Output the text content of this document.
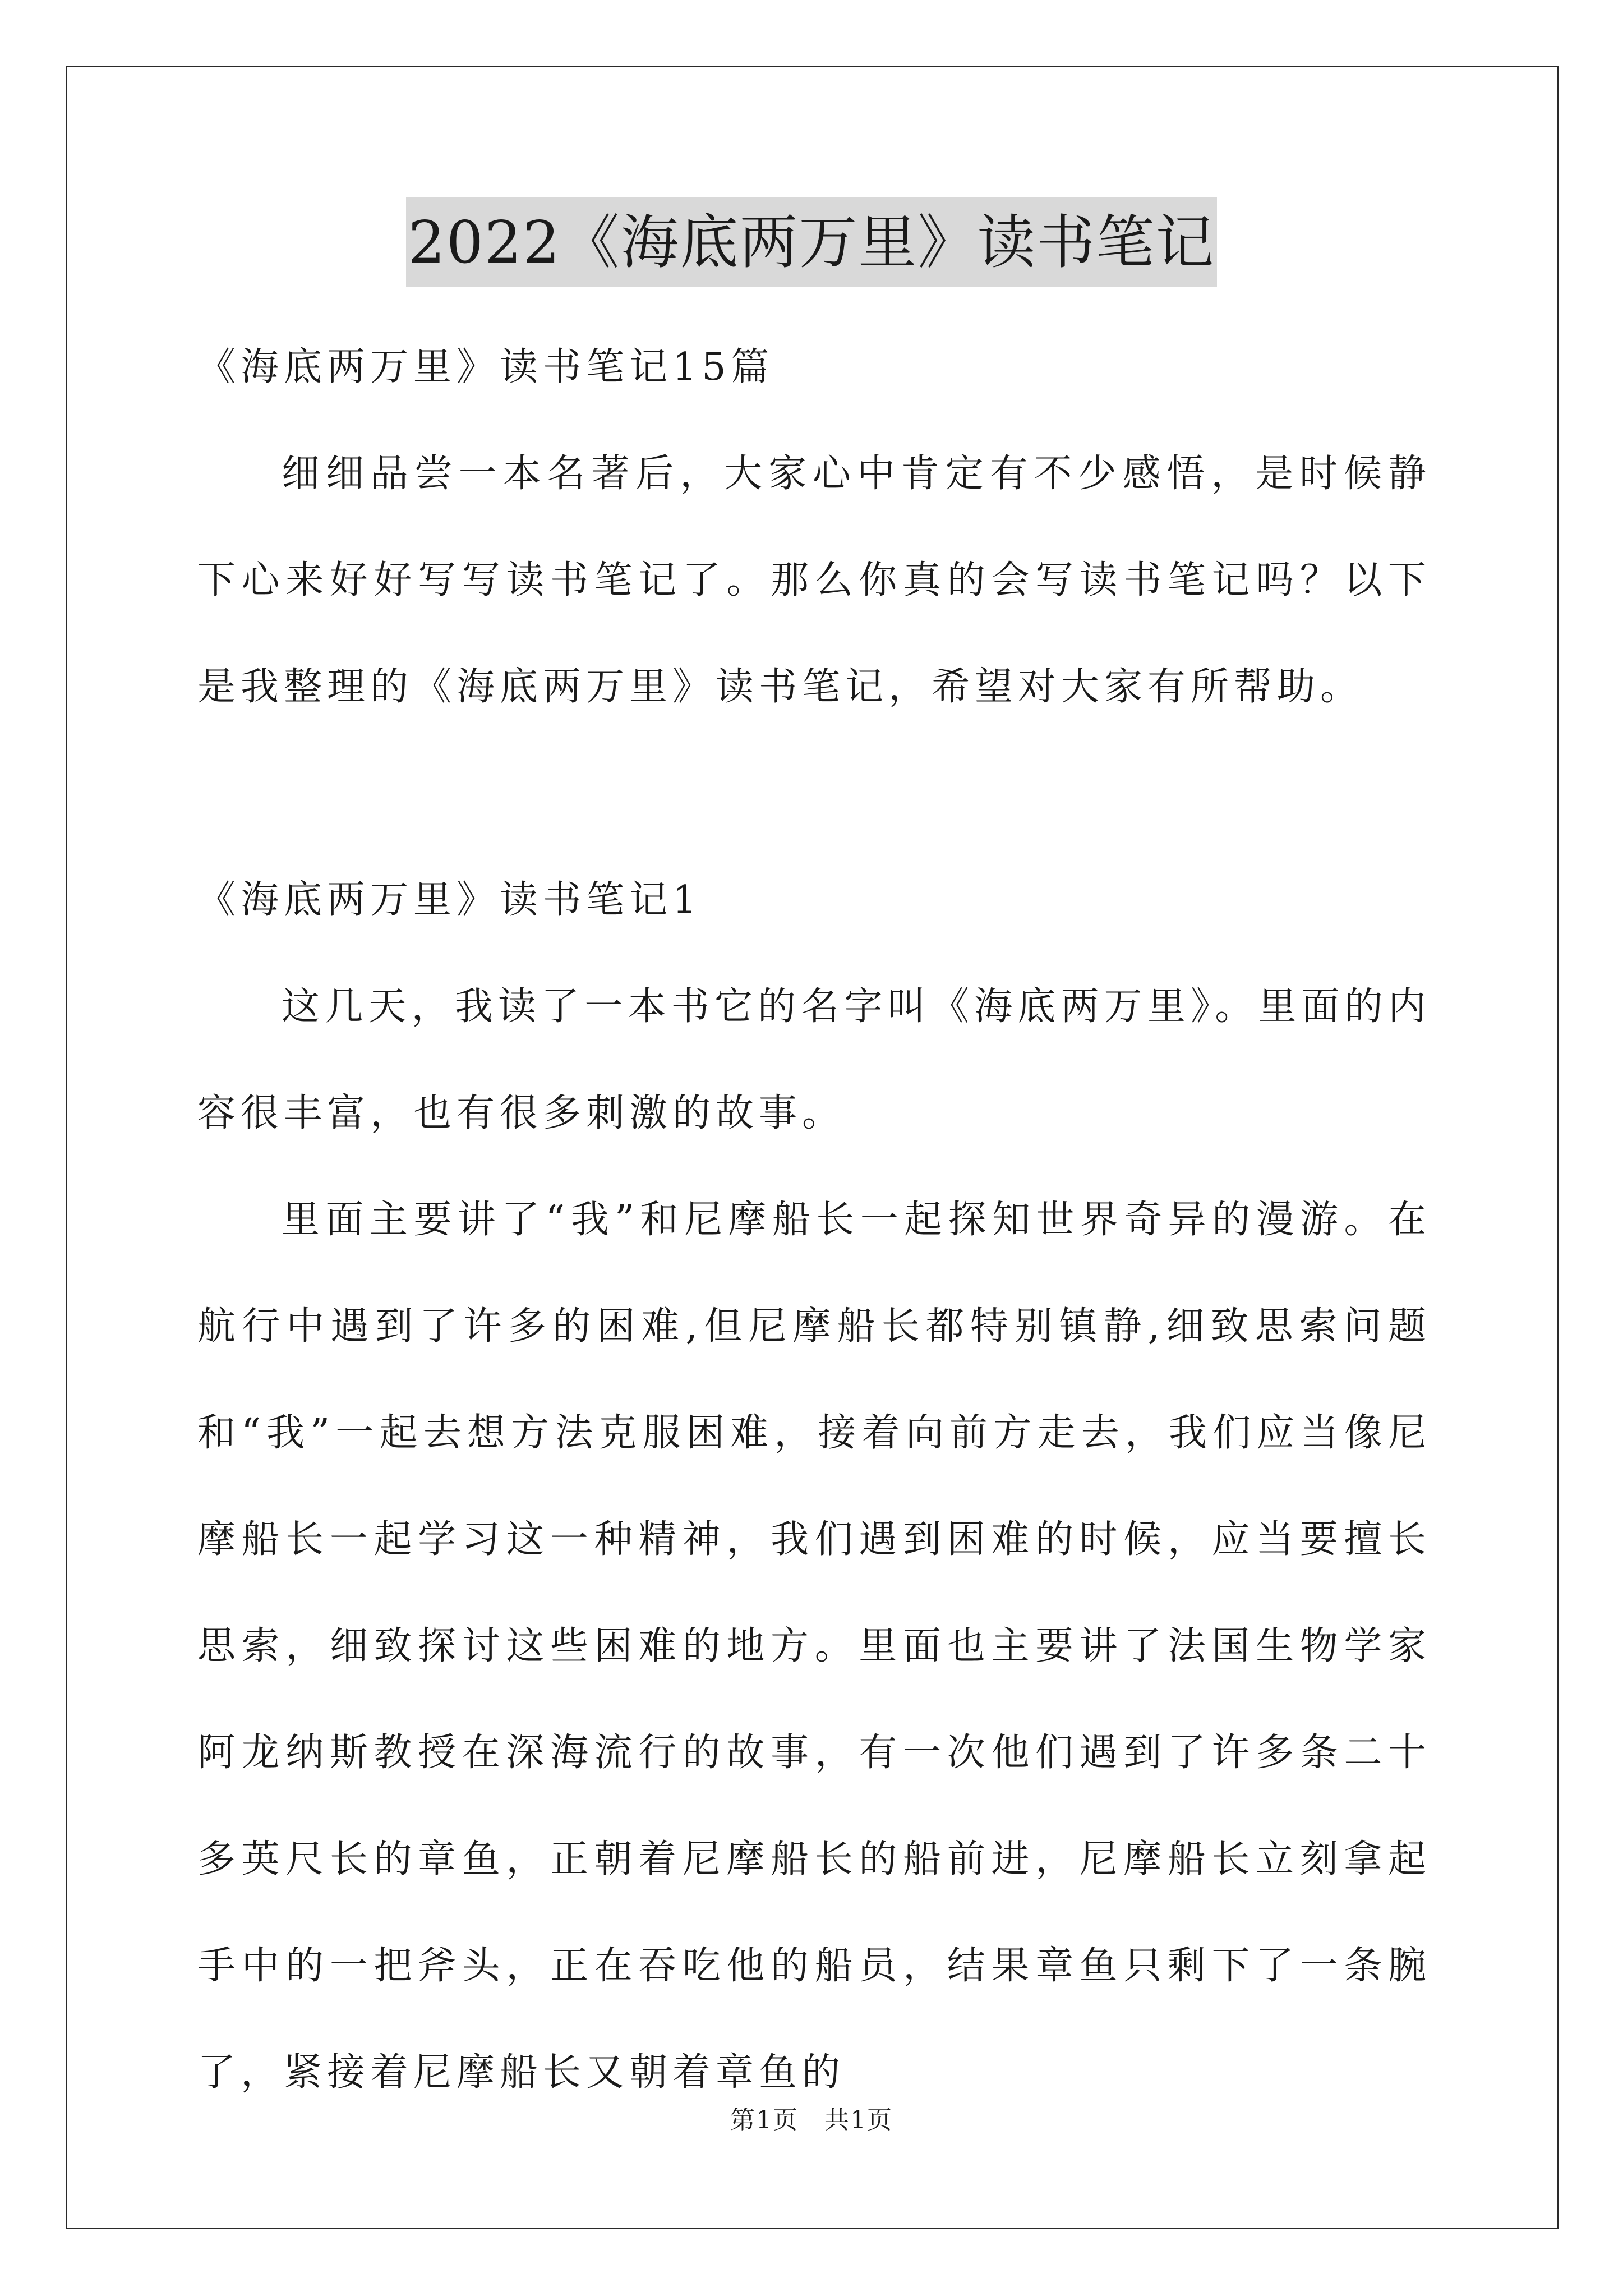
2022《海底两万里》读书笔记

《海底两万里》读书笔记15篇

细细品尝一本名著后，大家心中肯定有不少感悟，是时候静下心来好好写写读书笔记了。那么你真的会写读书笔记吗？以下是我整理的《海底两万里》读书笔记，希望对大家有所帮助。

《海底两万里》读书笔记1

这几天，我读了一本书它的名字叫《海底两万里》。里面的内容很丰富，也有很多刺激的故事。

里面主要讲了“我”和尼摩船长一起探知世界奇异的漫游。在航行中遇到了许多的困难,但尼摩船长都特别镇静,细致思索问题和“我”一起去想方法克服困难，接着向前方走去，我们应当像尼摩船长一起学习这一种精神，我们遇到困难的时候，应当要擅长思索，细致探讨这些困难的地方。里面也主要讲了法国生物学家阿龙纳斯教授在深海流行的故事，有一次他们遇到了许多条二十多英尺长的章鱼，正朝着尼摩船长的船前进，尼摩船长立刻拿起手中的一把斧头，正在吞吃他的船员，结果章鱼只剩下了一条腕了，紧接着尼摩船长又朝着章鱼的

第1页　共1页
